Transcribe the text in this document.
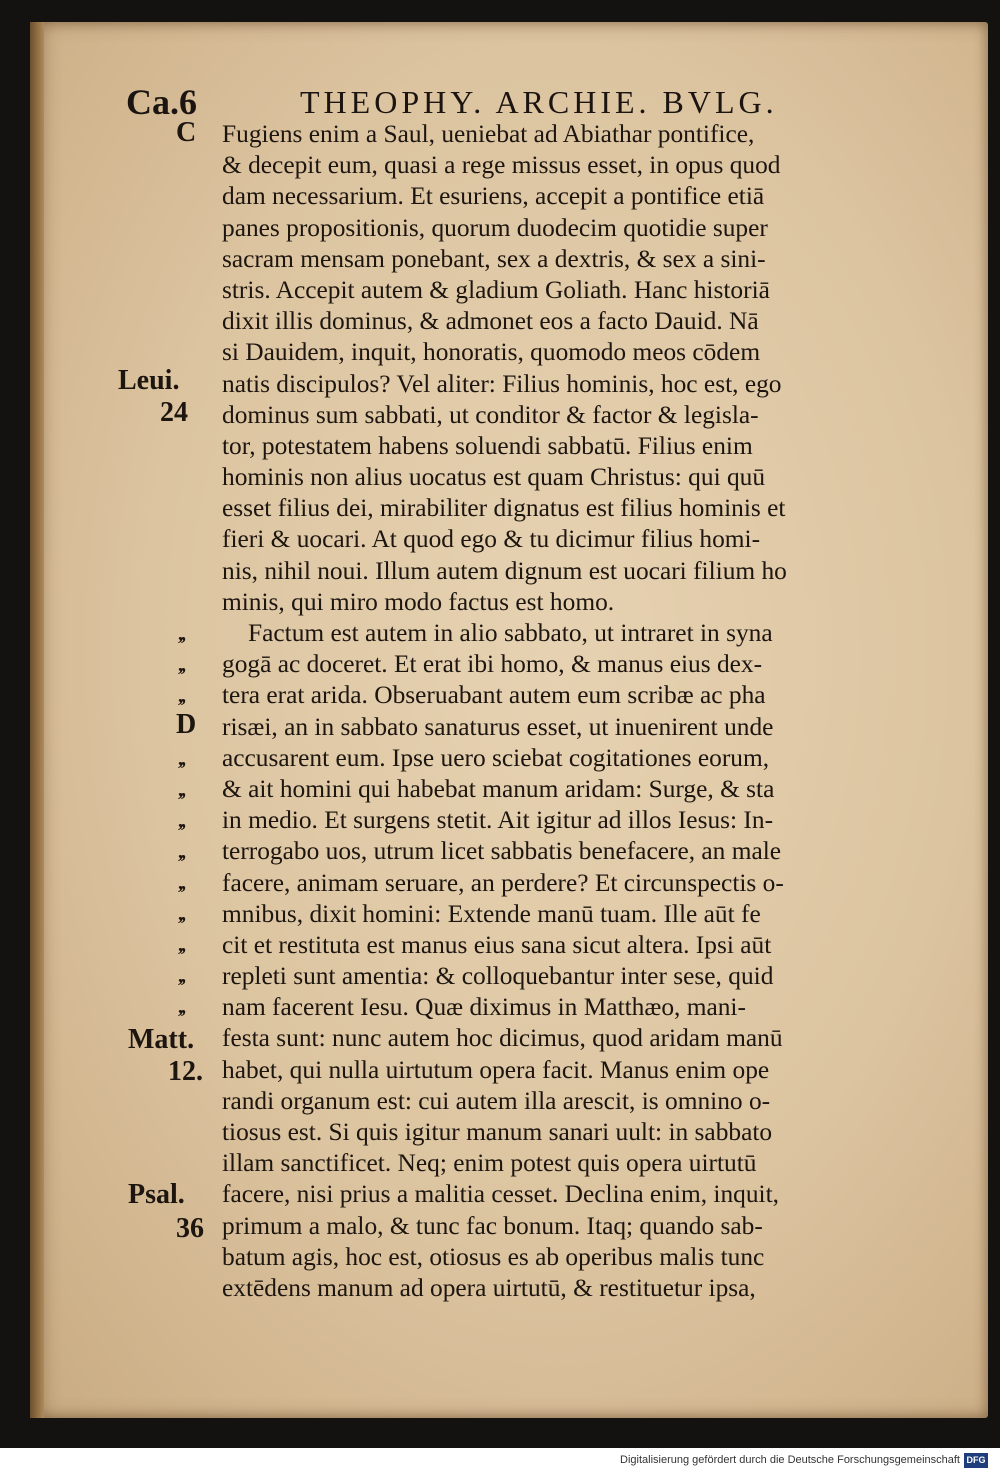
Ca.6	THEOPHY. ARCHIE. BVLG.
C
Leui.
24
D
Matt.
12.
Psal.
36
,,
,,
,,
,,
,,
,,
,,
,,
,,
,,
,,
,,
Fugiens enim a Saul, ueniebat ad Abiathar pontifice,
& decepit eum, quasi a rege missus esset, in opus quod
dam necessarium. Et esuriens, accepit a pontifice etiā
panes propositionis, quorum duodecim quotidie super
sacram mensam ponebant, sex a dextris, & sex a sini-
stris. Accepit autem & gladium Goliath. Hanc historiā
dixit illis dominus, & admonet eos a facto Dauid. Nā
si Dauidem, inquit, honoratis, quomodo meos cōdem
natis discipulos? Vel aliter: Filius hominis, hoc est, ego
dominus sum sabbati, ut conditor & factor & legisla-
tor, potestatem habens soluendi sabbatū. Filius enim
hominis non alius uocatus est quam Christus: qui quū
esset filius dei, mirabiliter dignatus est filius hominis et
fieri & uocari. At quod ego & tu dicimur filius homi-
nis, nihil noui. Illum autem dignum est uocari filium ho
minis, qui miro modo factus est homo.
Factum est autem in alio sabbato, ut intraret in syna
gogā ac doceret. Et erat ibi homo, & manus eius dex-
tera erat arida. Obseruabant autem eum scribæ ac pha
risæi, an in sabbato sanaturus esset, ut inuenirent unde
accusarent eum. Ipse uero sciebat cogitationes eorum,
& ait homini qui habebat manum aridam: Surge, & sta
in medio. Et surgens stetit. Ait igitur ad illos Iesus: In-
terrogabo uos, utrum licet sabbatis benefacere, an male
facere, animam seruare, an perdere? Et circunspectis o-
mnibus, dixit homini: Extende manū tuam. Ille aūt fe
cit et restituta est manus eius sana sicut altera. Ipsi aūt
repleti sunt amentia: & colloquebantur inter sese, quid
nam facerent Iesu. Quæ diximus in Matthæo, mani-
festa sunt: nunc autem hoc dicimus, quod aridam manū
habet, qui nulla uirtutum opera facit. Manus enim ope
randi organum est: cui autem illa arescit, is omnino o-
tiosus est. Si quis igitur manum sanari uult: in sabbato
illam sanctificet. Neq; enim potest quis opera uirtutū
facere, nisi prius a malitia cesset. Declina enim, inquit,
primum a malo, & tunc fac bonum. Itaq; quando sab-
batum agis, hoc est, otiosus es ab operibus malis tunc
extēdens manum ad opera uirtutū, & restituetur ipsa,
Digitalisierung gefördert durch die Deutsche Forschungsgemeinschaft DFG
